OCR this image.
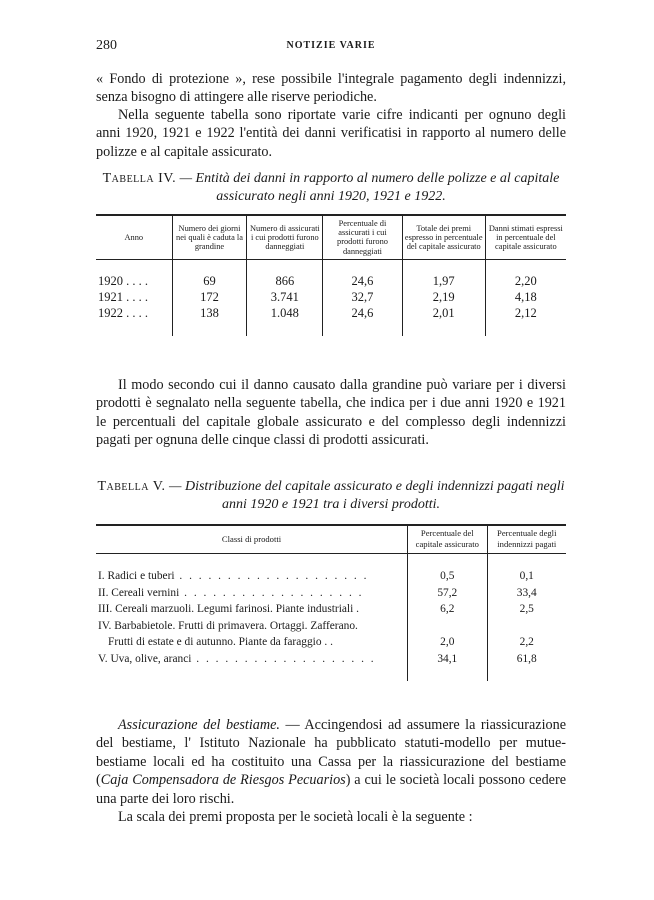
280	NOTIZIE VARIE

« Fondo di protezione », rese possibile l'integrale pagamento degli indennizzi, senza bisogno di attingere alle riserve periodiche.

Nella seguente tabella sono riportate varie cifre indicanti per ognuno degli anni 1920, 1921 e 1922 l'entità dei danni verificatisi in rapporto al numero delle polizze e al capitale assicurato.

Tabella IV. — Entità dei danni in rapporto al numero delle polizze e al capitale assicurato negli anni 1920, 1921 e 1922.

Anno	Numero dei giorni nei quali è caduta la grandine	Numero di assicurati i cui prodotti furono danneggiati	Percentuale di assicurati i cui prodotti furono danneggiati	Totale dei premi espresso in percentuale del capitale assicurato	Danni stimati espressi in percentuale del capitale assicurato

1920 . . . .	69	866	24,6	1,97	2,20
1921 . . . .	172	3.741	32,7	2,19	4,18
1922 . . . .	138	1.048	24,6	2,01	2,12

Il modo secondo cui il danno causato dalla grandine può variare per i diversi prodotti è segnalato nella seguente tabella, che indica per i due anni 1920 e 1921 le percentuali del capitale globale assicurato e del complesso degli indennizzi pagati per ognuna delle cinque classi di prodotti assicurati.

Tabella V. — Distribuzione del capitale assicurato e degli indennizzi pagati negli anni 1920 e 1921 tra i diversi prodotti.

Classi di prodotti	Percentuale del capitale assicurato	Percentuale degli indennizzi pagati

I. Radici e tuberi . . . . . . . . . . . . . . . . . . . .	0,5	0,1
II. Cereali vernini . . . . . . . . . . . . . . . . . . .	57,2	33,4
III. Cereali marzuoli. Legumi farinosi. Piante industriali .	6,2	2,5
IV. Barbabietole. Frutti di primavera. Ortaggi. Zafferano.		
Frutti di estate e di autunno. Piante da faraggio . .	2,0	2,2
V. Uva, olive, aranci . . . . . . . . . . . . . . . . . . .	34,1	61,8

Assicurazione del bestiame. — Accingendosi ad assumere la riassicurazione del bestiame, l' Istituto Nazionale ha pubblicato statuti-modello per mutue-bestiame locali ed ha costituito una Cassa per la riassicurazione del bestiame (Caja Compensadora de Riesgos Pecuarios) a cui le società locali possono cedere una parte dei loro rischi.

La scala dei premi proposta per le società locali è la seguente :
